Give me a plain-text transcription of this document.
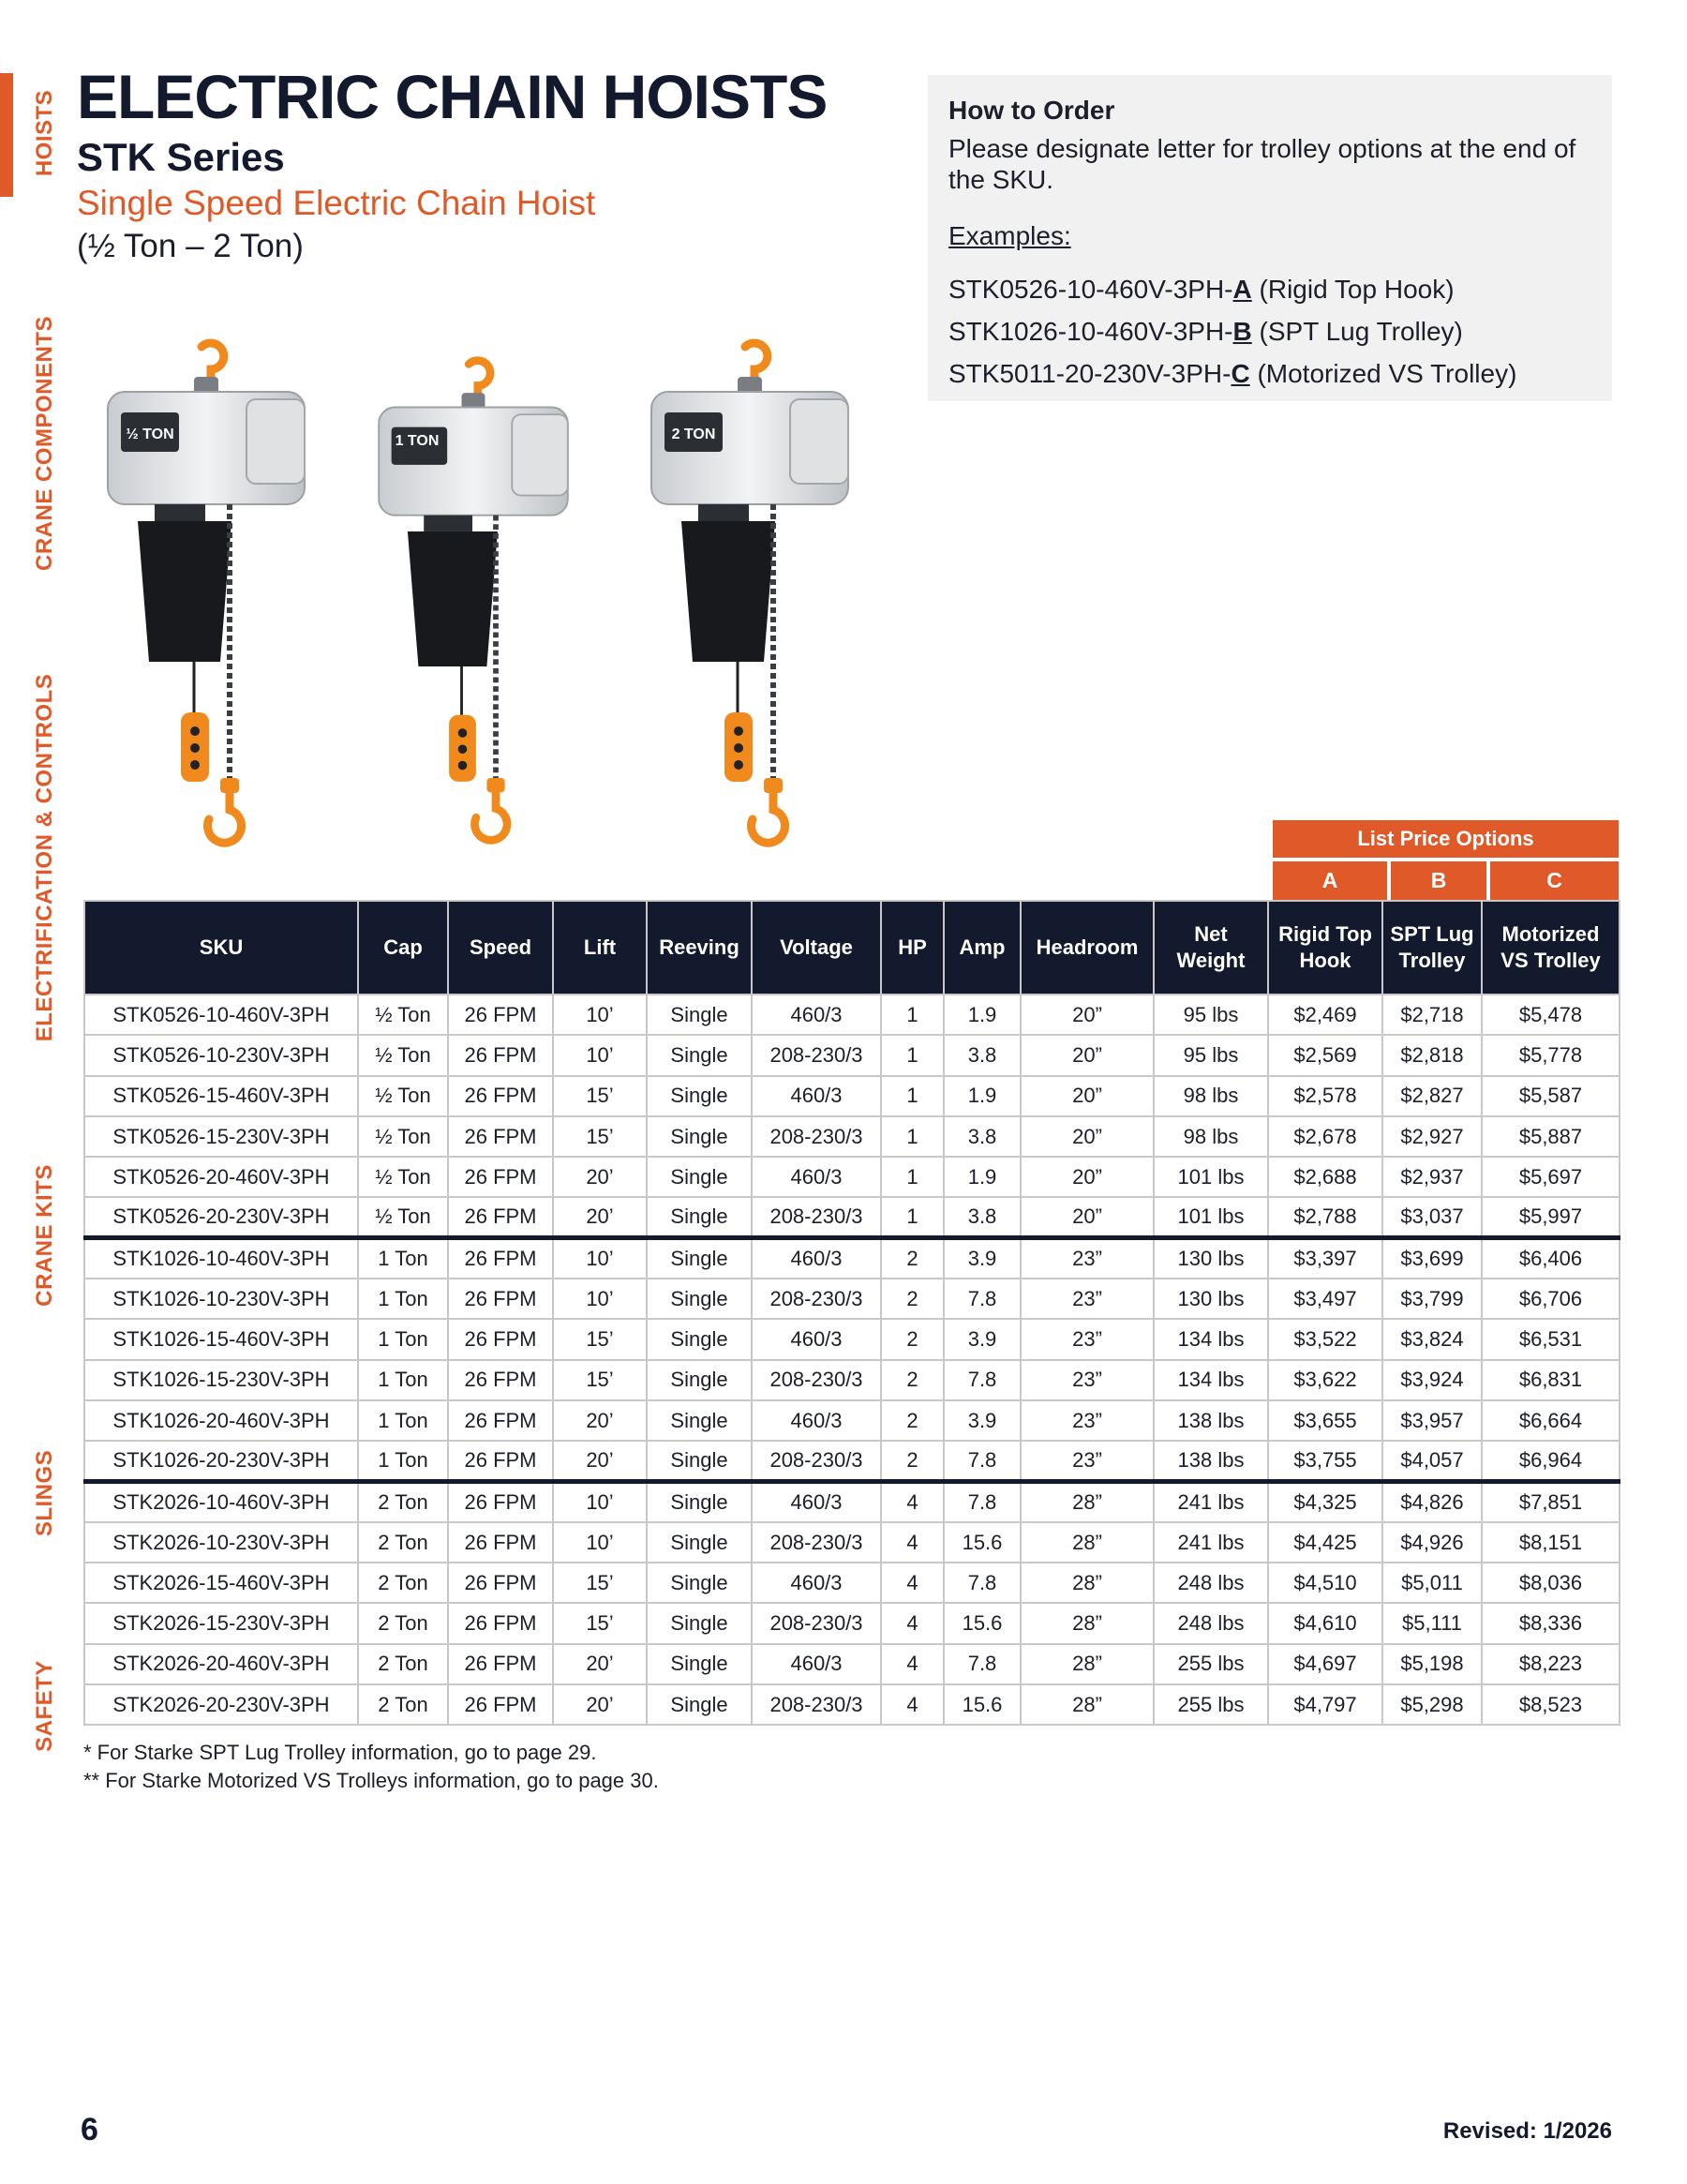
HOISTS
CRANE COMPONENTS
ELECTRIFICATION & CONTROLS
CRANE KITS
SLINGS
SAFETY
ELECTRIC CHAIN HOISTS
STK Series
Single Speed Electric Chain Hoist
(½ Ton – 2 Ton)
How to Order
Please designate letter for trolley options at the end of the SKU.
Examples:
STK0526-10-460V-3PH-A (Rigid Top Hook)
STK1026-10-460V-3PH-B (SPT Lug Trolley)
STK5011-20-230V-3PH-C (Motorized VS Trolley)
½ TON	1 TON	2 TON
List Price Options
A	B	C
SKU	Cap	Speed	Lift	Reeving	Voltage	HP	Amp	Headroom	Net Weight	Rigid Top Hook	SPT Lug Trolley	Motorized VS Trolley
STK0526-10-460V-3PH	½ Ton	26 FPM	10’	Single	460/3	1	1.9	20”	95 lbs	$2,469	$2,718	$5,478
STK0526-10-230V-3PH	½ Ton	26 FPM	10’	Single	208-230/3	1	3.8	20”	95 lbs	$2,569	$2,818	$5,778
STK0526-15-460V-3PH	½ Ton	26 FPM	15’	Single	460/3	1	1.9	20”	98 lbs	$2,578	$2,827	$5,587
STK0526-15-230V-3PH	½ Ton	26 FPM	15’	Single	208-230/3	1	3.8	20”	98 lbs	$2,678	$2,927	$5,887
STK0526-20-460V-3PH	½ Ton	26 FPM	20’	Single	460/3	1	1.9	20”	101 lbs	$2,688	$2,937	$5,697
STK0526-20-230V-3PH	½ Ton	26 FPM	20’	Single	208-230/3	1	3.8	20”	101 lbs	$2,788	$3,037	$5,997
STK1026-10-460V-3PH	1 Ton	26 FPM	10’	Single	460/3	2	3.9	23”	130 lbs	$3,397	$3,699	$6,406
STK1026-10-230V-3PH	1 Ton	26 FPM	10’	Single	208-230/3	2	7.8	23”	130 lbs	$3,497	$3,799	$6,706
STK1026-15-460V-3PH	1 Ton	26 FPM	15’	Single	460/3	2	3.9	23”	134 lbs	$3,522	$3,824	$6,531
STK1026-15-230V-3PH	1 Ton	26 FPM	15’	Single	208-230/3	2	7.8	23”	134 lbs	$3,622	$3,924	$6,831
STK1026-20-460V-3PH	1 Ton	26 FPM	20’	Single	460/3	2	3.9	23”	138 lbs	$3,655	$3,957	$6,664
STK1026-20-230V-3PH	1 Ton	26 FPM	20’	Single	208-230/3	2	7.8	23”	138 lbs	$3,755	$4,057	$6,964
STK2026-10-460V-3PH	2 Ton	26 FPM	10’	Single	460/3	4	7.8	28”	241 lbs	$4,325	$4,826	$7,851
STK2026-10-230V-3PH	2 Ton	26 FPM	10’	Single	208-230/3	4	15.6	28”	241 lbs	$4,425	$4,926	$8,151
STK2026-15-460V-3PH	2 Ton	26 FPM	15’	Single	460/3	4	7.8	28”	248 lbs	$4,510	$5,011	$8,036
STK2026-15-230V-3PH	2 Ton	26 FPM	15’	Single	208-230/3	4	15.6	28”	248 lbs	$4,610	$5,111	$8,336
STK2026-20-460V-3PH	2 Ton	26 FPM	20’	Single	460/3	4	7.8	28”	255 lbs	$4,697	$5,198	$8,223
STK2026-20-230V-3PH	2 Ton	26 FPM	20’	Single	208-230/3	4	15.6	28”	255 lbs	$4,797	$5,298	$8,523
* For Starke SPT Lug Trolley information, go to page 29.
** For Starke Motorized VS Trolleys information, go to page 30.
6	Revised: 1/2026
